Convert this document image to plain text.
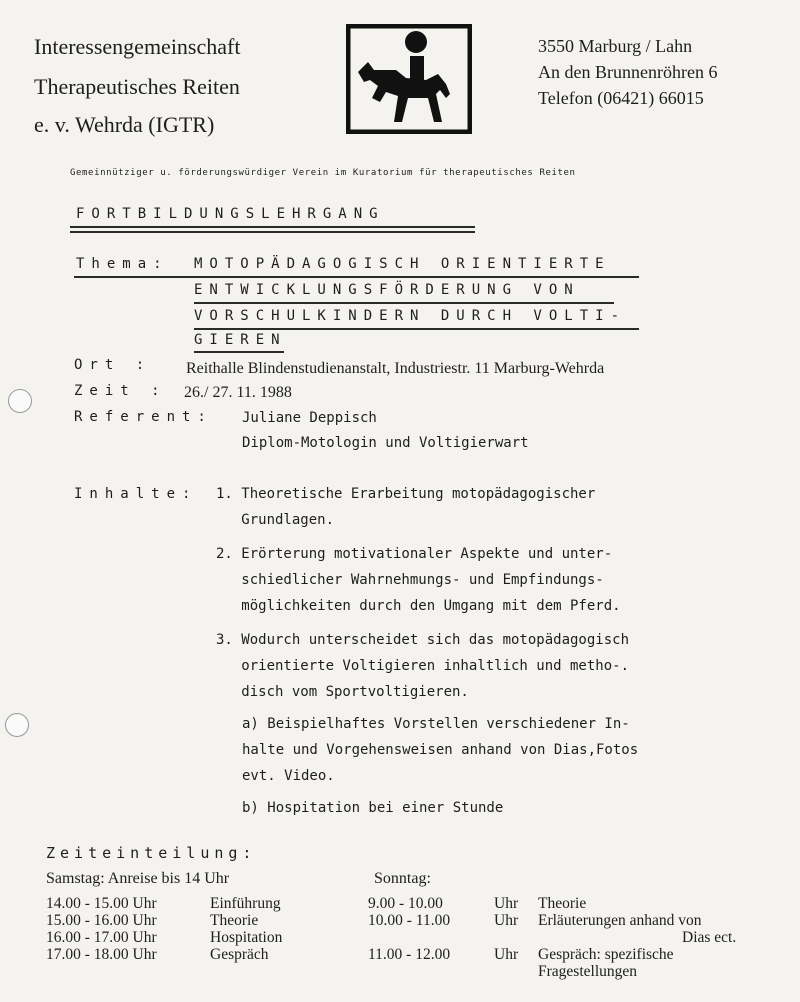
Interessengemeinschaft
Therapeutisches Reiten
e. v. Wehrda (IGTR)
3550 Marburg / Lahn
An den Brunnenröhren 6
Telefon (06421) 66015
Gemeinnütziger u. förderungswürdiger Verein im Kuratorium für therapeutisches Reiten
FORTBILDUNGSLEHRGANG
Thema: MOTOPÄDAGOGISCH ORIENTIERTE
ENTWICKLUNGSFÖRDERUNG VON
VORSCHULKINDERN DURCH VOLTI-
GIEREN
Ort : Reithalle Blindenstudienanstalt, Industriestr. 11 Marburg-Wehrda
Zeit : 26./ 27. 11. 1988
Referent: Juliane Deppisch
Diplom-Motologin und Voltigierwart
Inhalte: 1. Theoretische Erarbeitung motopädagogischer
Grundlagen.
2. Erörterung motivationaler Aspekte und unter-
schiedlicher Wahrnehmungs- und Empfindungs-
möglichkeiten durch den Umgang mit dem Pferd.
3. Wodurch unterscheidet sich das motopädagogisch
orientierte Voltigieren inhaltlich und metho-.
disch vom Sportvoltigieren.
a) Beispielhaftes Vorstellen verschiedener In-
halte und Vorgehensweisen anhand von Dias,Fotos
evt. Video.
b) Hospitation bei einer Stunde
Zeiteinteilung:
Samstag: Anreise bis 14 Uhr	Sonntag:
14.00 - 15.00 Uhr	Einführung
15.00 - 16.00 Uhr	Theorie
16.00 - 17.00 Uhr	Hospitation
17.00 - 18.00 Uhr	Gespräch
9.00 - 10.00	Uhr Theorie
10.00 - 11.00	Uhr Erläuterungen anhand von
Dias ect.
11.00 - 12.00	Uhr Gespräch: spezifische
Fragestellungen
